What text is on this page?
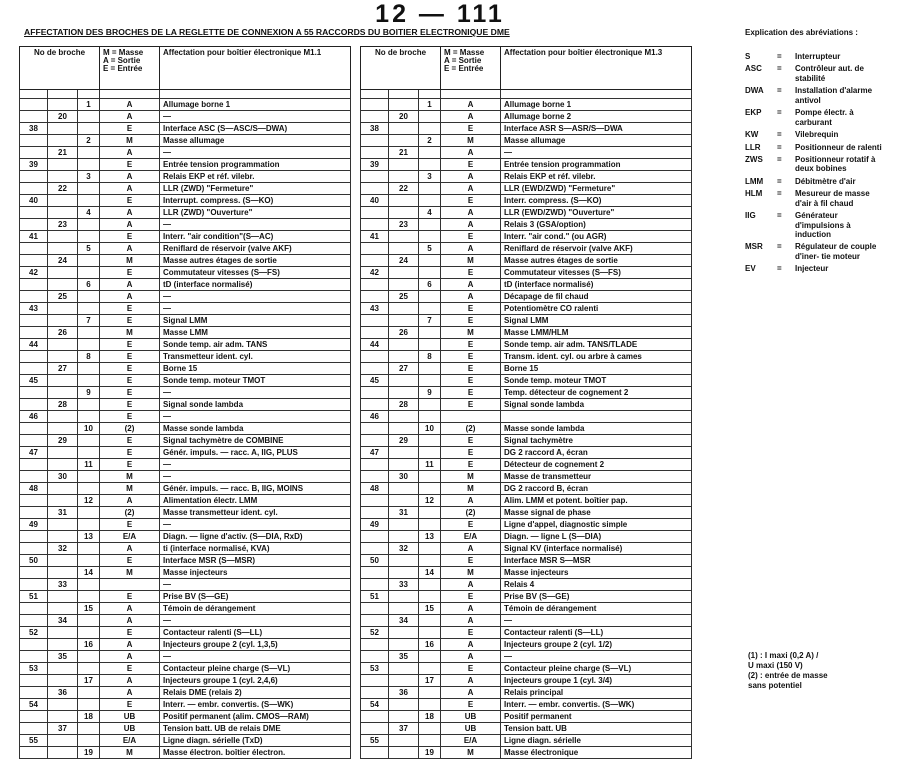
12 — 111
AFFECTATION DES BROCHES DE LA REGLETTE DE CONNEXION A 55 RACCORDS DU BOITIER ELECTRONIQUE DME
No de broche			M = Masse
A = Sortie
E = Entrée	Affectation pour boîtier électronique M1.1

		1	A	Allumage borne 1
	20		A	—
38			E	Interface ASC (S—ASC/S—DWA)
		2	M	Masse allumage
	21		A	—
39			E	Entrée tension programmation
		3	A	Relais EKP et réf. vilebr.
	22		A	LLR (ZWD) "Fermeture"
40			E	Interrupt. compress. (S—KO)
		4	A	LLR (ZWD) "Ouverture"
	23		A	—
41			E	Interr. "air condition"(S—AC)
		5	A	Reniflard de réservoir (valve AKF)
	24		M	Masse autres étages de sortie
42			E	Commutateur vitesses (S—FS)
		6	A	tD (interface normalisé)
	25		A	—
43			E	—
		7	E	Signal LMM
	26		M	Masse LMM
44			E	Sonde temp. air adm. TANS
		8	E	Transmetteur ident. cyl.
	27		E	Borne 15
45			E	Sonde temp. moteur TMOT
		9	E	—
	28		E	Signal sonde lambda
46			E	—
		10	(2)	Masse sonde lambda
	29		E	Signal tachymètre de COMBINE
47			E	Génér. impuls. — racc. A, IIG, PLUS
		11	E	—
	30		M	—
48			M	Génér. impuls. — racc. B, IIG, MOINS
		12	A	Alimentation électr. LMM
	31		(2)	Masse transmetteur ident. cyl.
49			E	—
		13	E/A	Diagn. — ligne d'activ. (S—DIA, RxD)
	32		A	ti (interface normalisé, KVA)
50			E	Interface MSR (S—MSR)
		14	M	Masse injecteurs
	33			—
51			E	Prise BV (S—GE)
		15	A	Témoin de dérangement
	34		A	—
52			E	Contacteur ralenti (S—LL)
		16	A	Injecteurs groupe 2 (cyl. 1,3,5)
	35		A	—
53			E	Contacteur pleine charge (S—VL)
		17	A	Injecteurs groupe 1 (cyl. 2,4,6)
	36		A	Relais DME (relais 2)
54			E	Interr. — embr. convertis. (S—WK)
		18	UB	Positif permanent (alim. CMOS—RAM)
	37		UB	Tension batt. UB de relais DME
55			E/A	Ligne diagn. sérielle (TxD)
		19	M	Masse électron. boîtier électron.
No de broche			M = Masse
A = Sortie
E = Entrée	Affectation pour boîtier électronique M1.3

		1	A	Allumage borne 1
	20		A	Allumage borne 2
38			E	Interface ASR S—ASR/S—DWA
		2	M	Masse allumage
	21		A	—
39			E	Entrée tension programmation
		3	A	Relais EKP et réf. vilebr.
	22		A	LLR (EWD/ZWD) "Fermeture"
40			E	Interr. compress. (S—KO)
		4	A	LLR (EWD/ZWD) "Ouverture"
	23		A	Relais 3 (GSA/option)
41			E	Interr. "air cond." (ou AGR)
		5	A	Reniflard de réservoir (valve AKF)
	24		M	Masse autres étages de sortie
42			E	Commutateur vitesses (S—FS)
		6	A	tD (interface normalisé)
	25		A	Décapage de fil chaud
43			E	Potentiomètre CO ralenti
		7	E	Signal LMM
	26		M	Masse LMM/HLM
44			E	Sonde temp. air adm. TANS/TLADE
		8	E	Transm. ident. cyl. ou arbre à cames
	27		E	Borne 15
45			E	Sonde temp. moteur TMOT
		9	E	Temp. détecteur de cognement 2
	28		E	Signal sonde lambda
46				
		10	(2)	Masse sonde lambda
	29		E	Signal tachymètre
47			E	DG 2 raccord A, écran
		11	E	Détecteur de cognement 2
	30		M	Masse de transmetteur
48			M	DG 2 raccord B, écran
		12	A	Alim. LMM et potent. boîtier pap.
	31		(2)	Masse signal de phase
49			E	Ligne d'appel, diagnostic simple
		13	E/A	Diagn. — ligne L (S—DIA)
	32		A	Signal KV (interface normalisé)
50			E	Interface MSR S—MSR
		14	M	Masse injecteurs
	33		A	Relais 4
51			E	Prise BV (S—GE)
		15	A	Témoin de dérangement
	34		A	—
52			E	Contacteur ralenti (S—LL)
		16	A	Injecteurs groupe 2 (cyl. 1/2)
	35		A	—
53			E	Contacteur pleine charge (S—VL)
		17	A	Injecteurs groupe 1 (cyl. 3/4)
	36		A	Relais principal
54			E	Interr. — embr. convertis. (S—WK)
		18	UB	Positif permanent
	37		UB	Tension batt. UB
55			E/A	Ligne diagn. sérielle
		19	M	Masse électronique
Explication des abréviations :
S	=	Interrupteur
ASC	=	Contrôleur aut. de stabilité
DWA	=	Installation d'alarme antivol
EKP	=	Pompe électr. à carburant
KW	=	Vilebrequin
LLR	=	Positionneur de ralenti
ZWS	=	Positionneur rotatif à deux bobines
LMM	=	Débitmètre d'air
HLM	=	Mesureur de masse d'air à fil chaud
IIG	=	Générateur d'impulsions à induction
MSR	=	Régulateur de couple d'iner- tie moteur
EV	=	Injecteur
(1) : I maxi (0,2 A) /
U maxi (150 V)
(2) : entrée de masse
sans potentiel
